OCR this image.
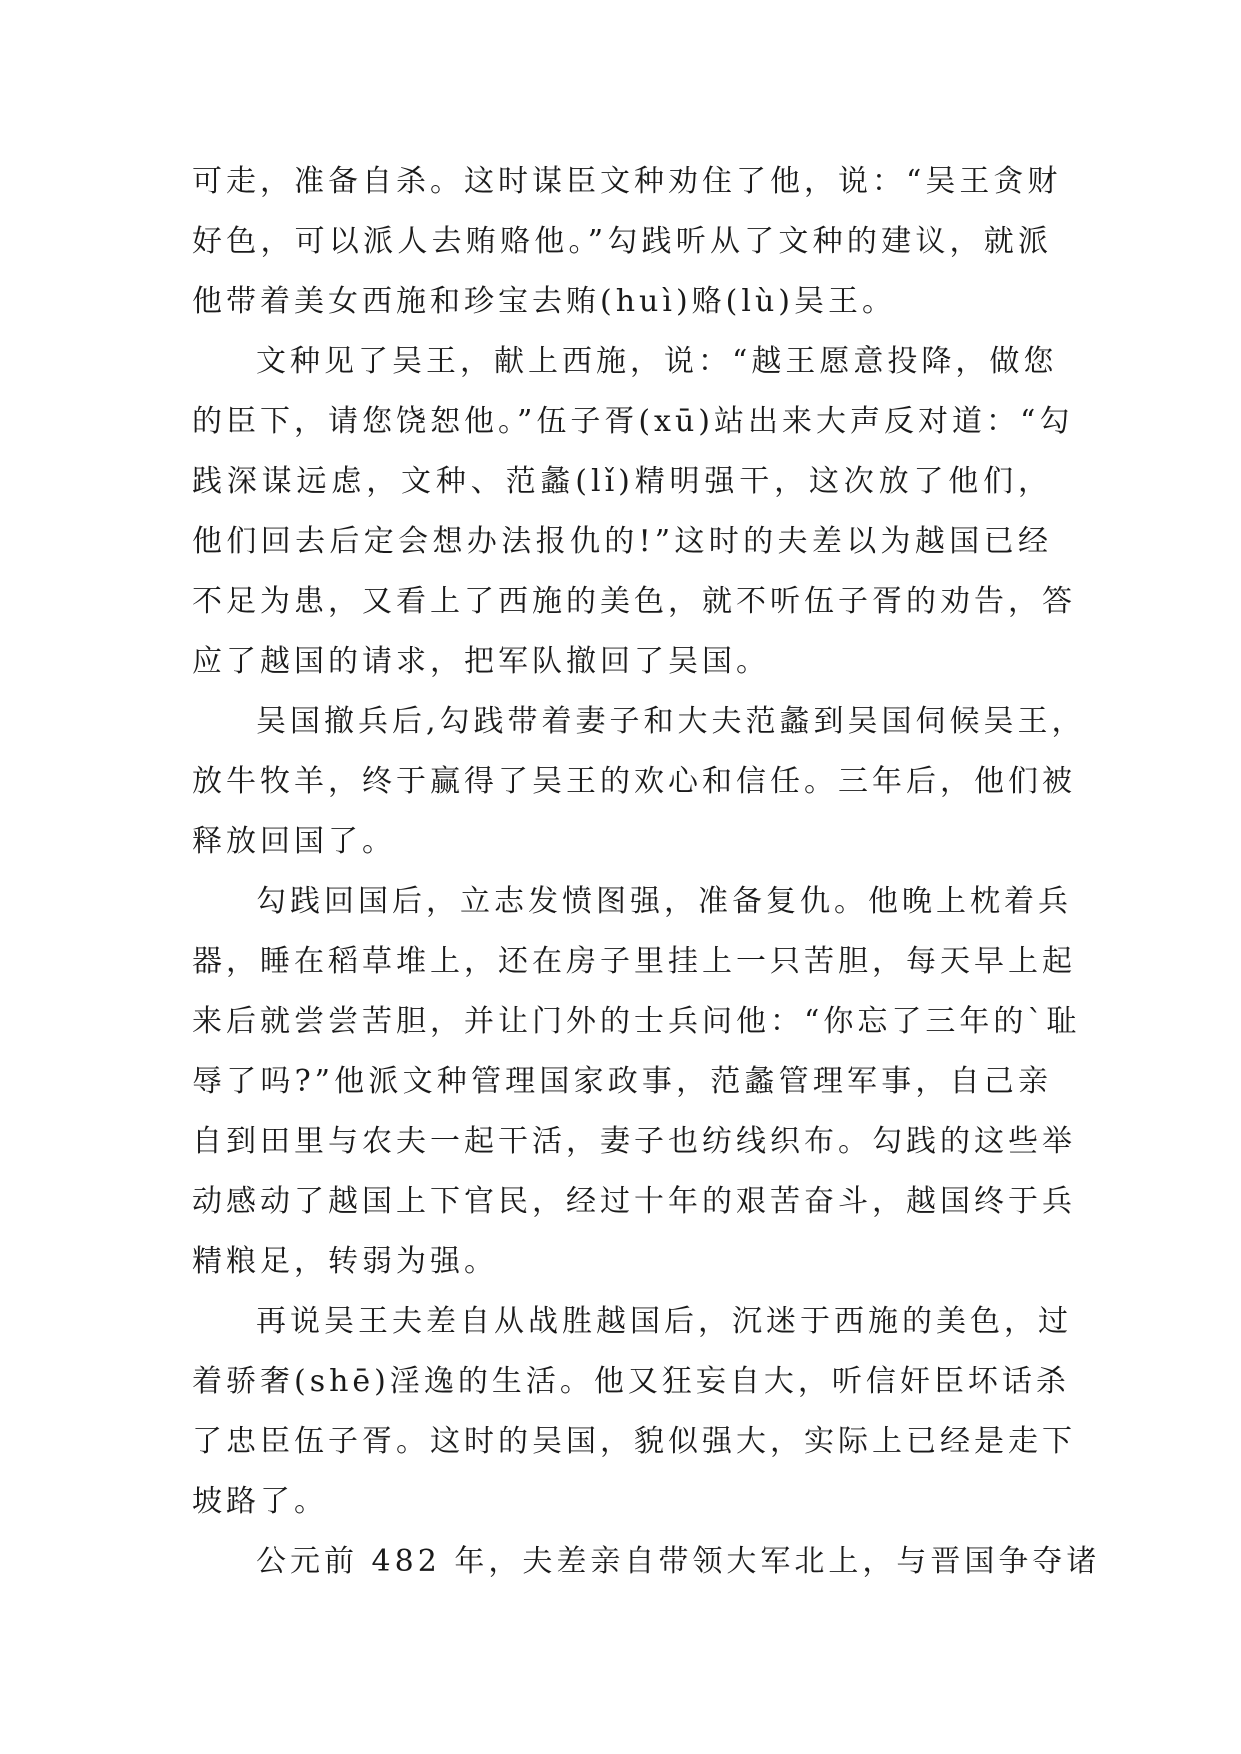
可走，准备自杀。这时谋臣文种劝住了他，说：“吴王贪财
好色，可以派人去贿赂他。”勾践听从了文种的建议，就派
他带着美女西施和珍宝去贿(huì)赂(lù)吴王。
文种见了吴王，献上西施，说：“越王愿意投降，做您
的臣下，请您饶恕他。”伍子胥(xū)站出来大声反对道：“勾
践深谋远虑，文种、范蠡(lǐ)精明强干，这次放了他们，
他们回去后定会想办法报仇的!”这时的夫差以为越国已经
不足为患，又看上了西施的美色，就不听伍子胥的劝告，答
应了越国的请求，把军队撤回了吴国。
吴国撤兵后,勾践带着妻子和大夫范蠡到吴国伺候吴王，
放牛牧羊，终于赢得了吴王的欢心和信任。三年后，他们被
释放回国了。
勾践回国后，立志发愤图强，准备复仇。他晚上枕着兵
器，睡在稻草堆上，还在房子里挂上一只苦胆，每天早上起
来后就尝尝苦胆，并让门外的士兵问他：“你忘了三年的`耻
辱了吗?”他派文种管理国家政事，范蠡管理军事，自己亲
自到田里与农夫一起干活，妻子也纺线织布。勾践的这些举
动感动了越国上下官民，经过十年的艰苦奋斗，越国终于兵
精粮足，转弱为强。
再说吴王夫差自从战胜越国后，沉迷于西施的美色，过
着骄奢(shē)淫逸的生活。他又狂妄自大，听信奸臣坏话杀
了忠臣伍子胥。这时的吴国，貌似强大，实际上已经是走下
坡路了。
公元前 482 年，夫差亲自带领大军北上，与晋国争夺诸
